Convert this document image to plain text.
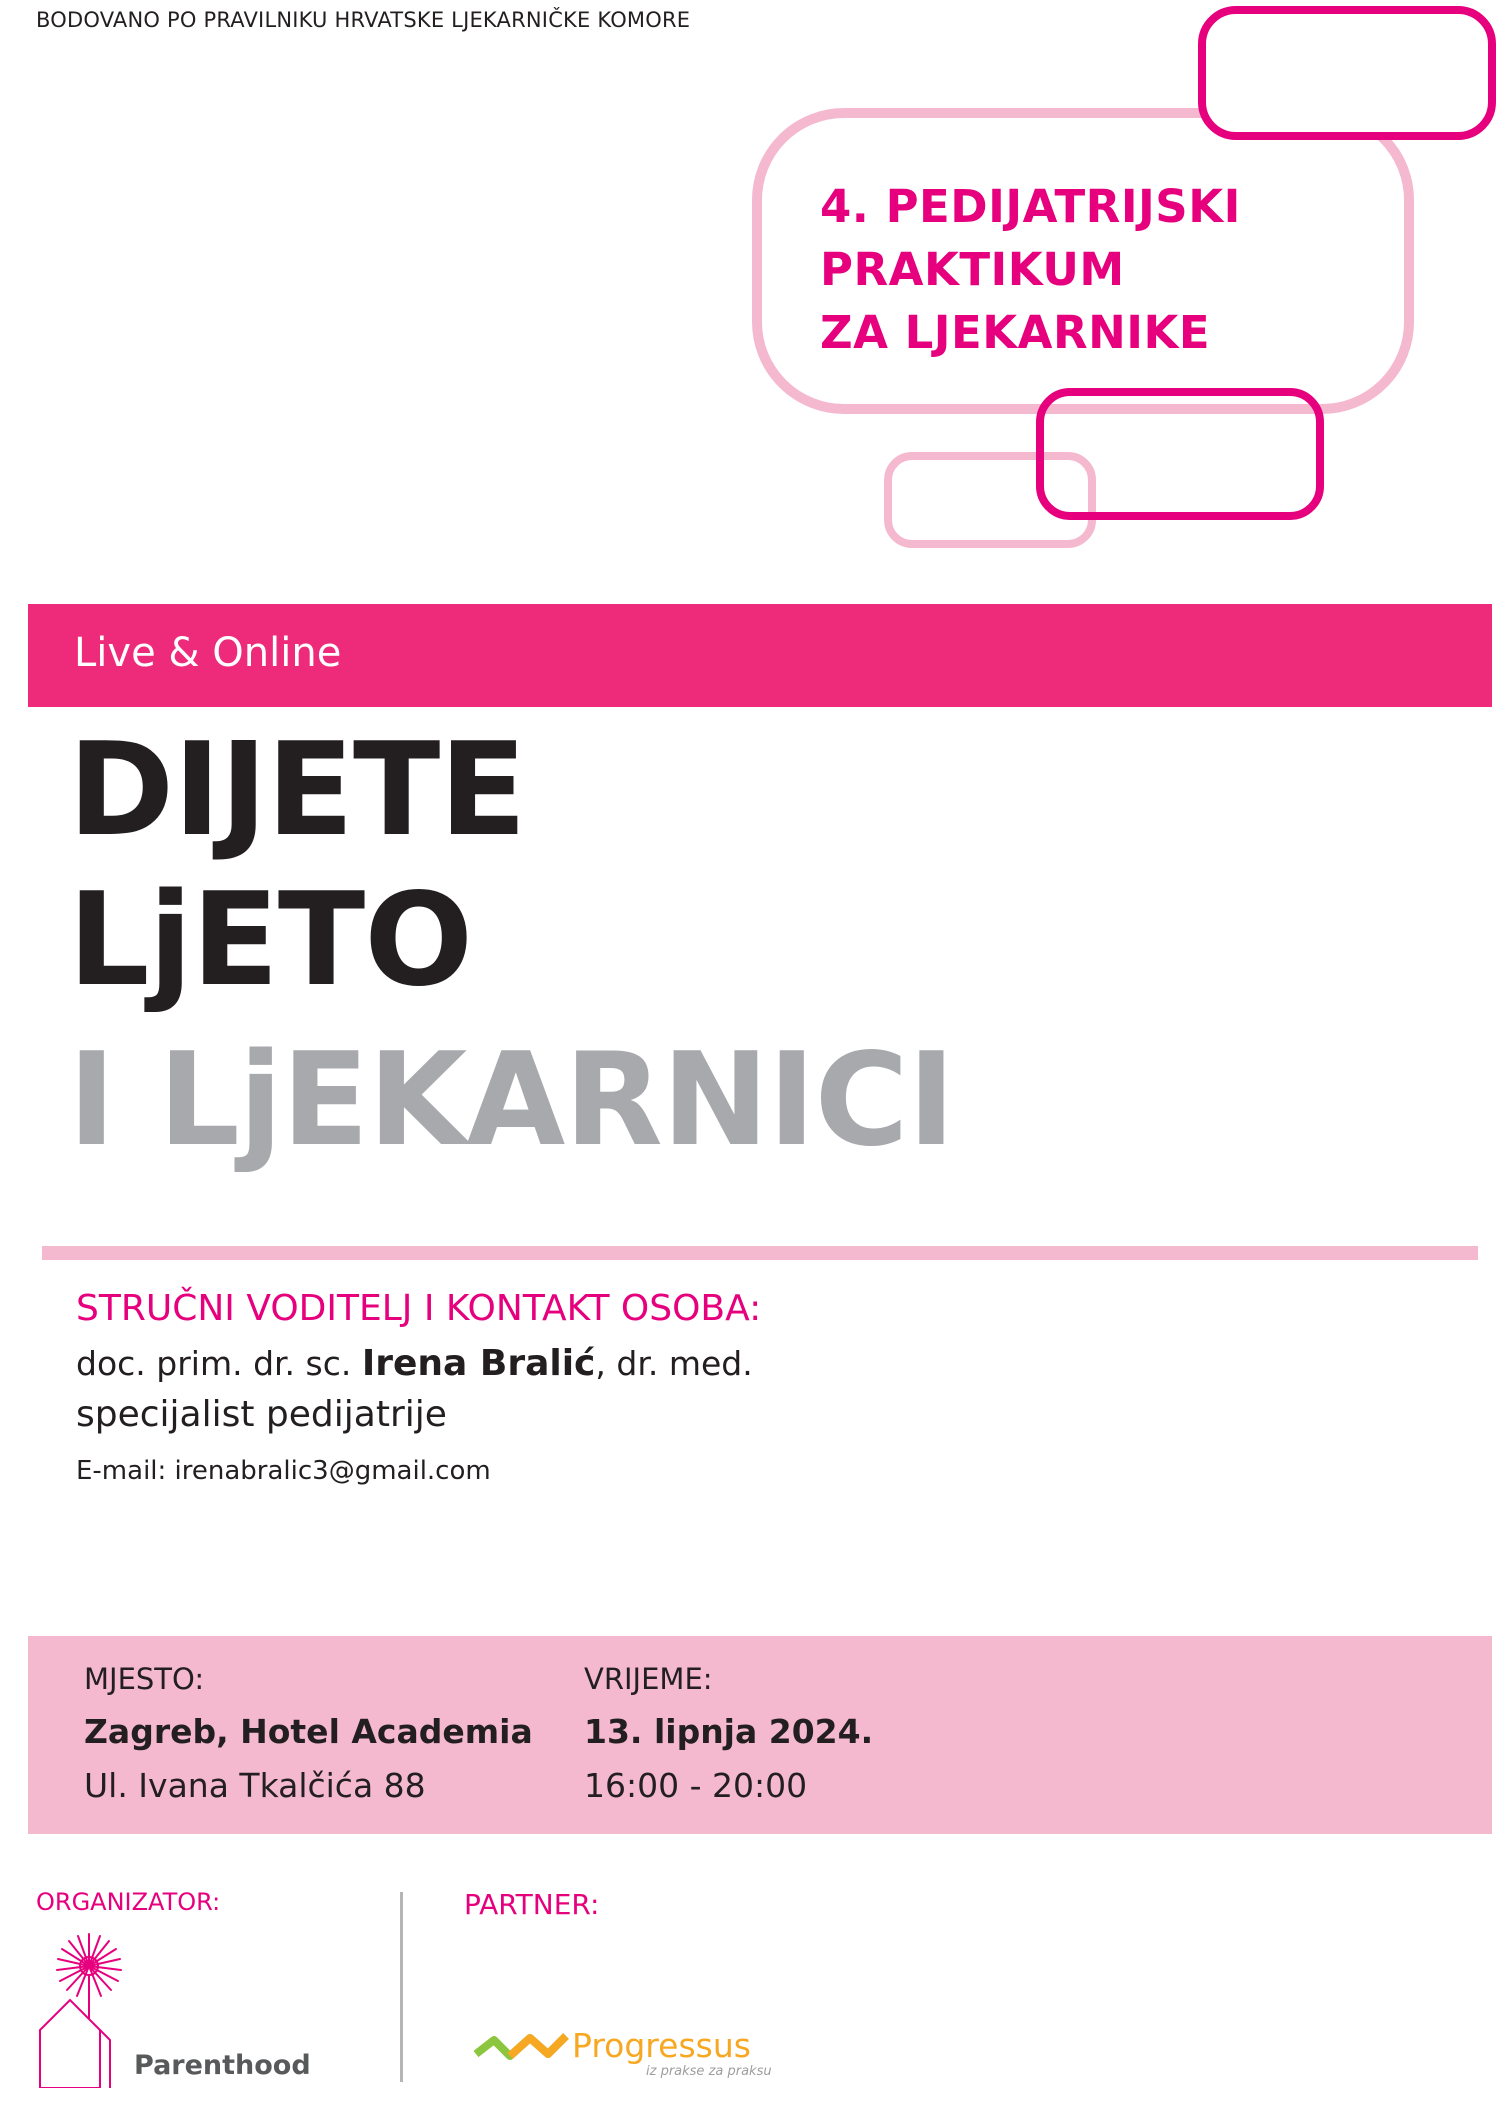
BODOVANO PO PRAVILNIKU HRVATSKE LJEKARNIČKE KOMORE
4. PEDIJATRIJSKI
PRAKTIKUM
ZA LJEKARNIKE
Live & Online
DIJETE
LjETO
I LjEKARNICI
STRUČNI VODITELJ I KONTAKT OSOBA:
doc. prim. dr. sc. Irena Bralić, dr. med.
specijalist pedijatrije
E-mail: irenabralic3@gmail.com
MJESTO:
Zagreb, Hotel Academia
Ul. Ivana Tkalčića 88
VRIJEME:
13. lipnja 2024.
16:00 - 20:00
ORGANIZATOR:	PARTNER:
Parenthood
Progressus
iz prakse za praksu
